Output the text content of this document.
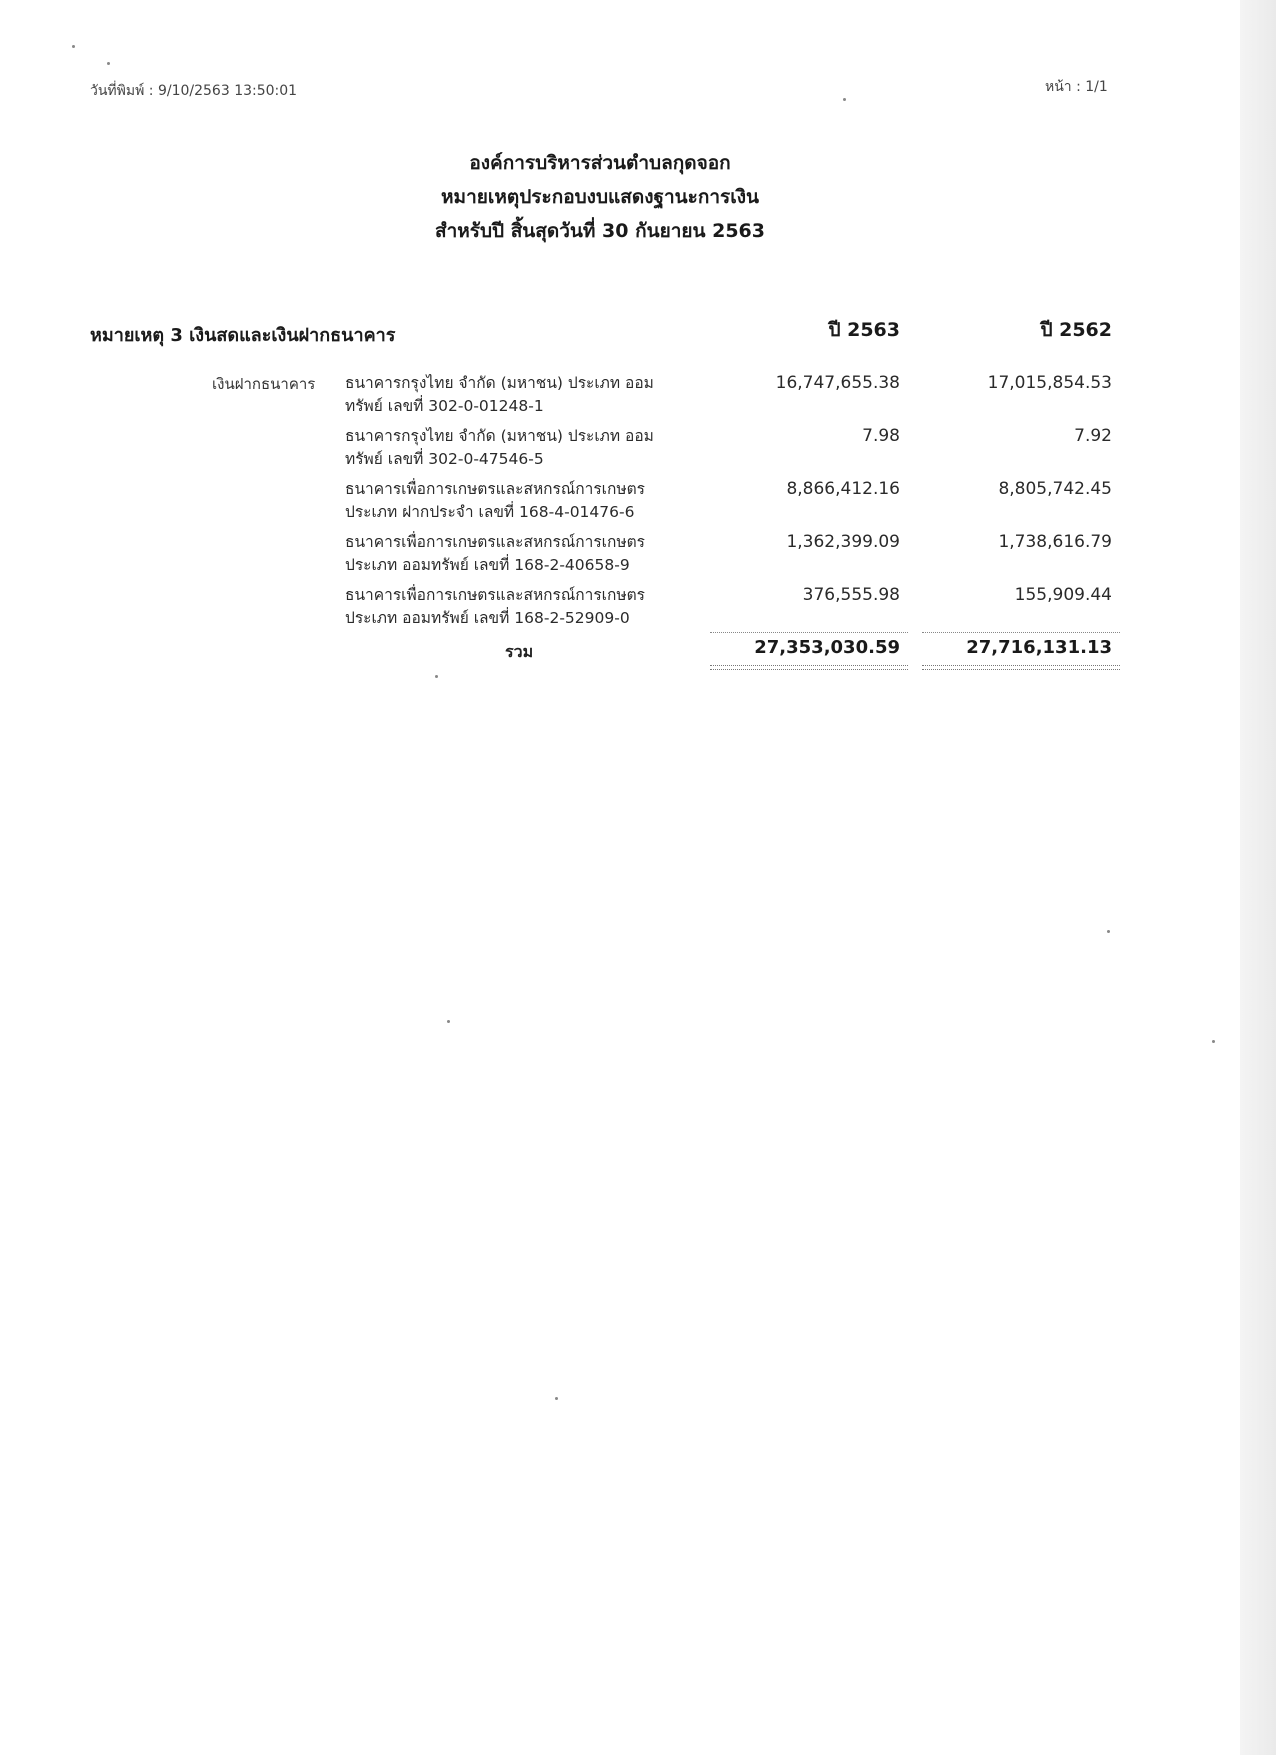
วันที่พิมพ์ : 9/10/2563 13:50:01	หน้า : 1/1
องค์การบริหารส่วนตำบลกุดจอก
หมายเหตุประกอบงบแสดงฐานะการเงิน
สำหรับปี สิ้นสุดวันที่ 30 กันยายน 2563
หมายเหตุ 3 เงินสดและเงินฝากธนาคาร	ปี 2563	ปี 2562
เงินฝากธนาคาร ธนาคารกรุงไทย จำกัด (มหาชน) ประเภท ออม
ทรัพย์ เลขที่ 302-0-01248-1
16,747,655.38	17,015,854.53
ธนาคารกรุงไทย จำกัด (มหาชน) ประเภท ออม
ทรัพย์ เลขที่ 302-0-47546-5
7.98	7.92
ธนาคารเพื่อการเกษตรและสหกรณ์การเกษตร
ประเภท ฝากประจำ เลขที่ 168-4-01476-6
8,866,412.16	8,805,742.45
ธนาคารเพื่อการเกษตรและสหกรณ์การเกษตร
ประเภท ออมทรัพย์ เลขที่ 168-2-40658-9
1,362,399.09	1,738,616.79
ธนาคารเพื่อการเกษตรและสหกรณ์การเกษตร
ประเภท ออมทรัพย์ เลขที่ 168-2-52909-0
376,555.98	155,909.44
รวม	27,353,030.59	27,716,131.13
